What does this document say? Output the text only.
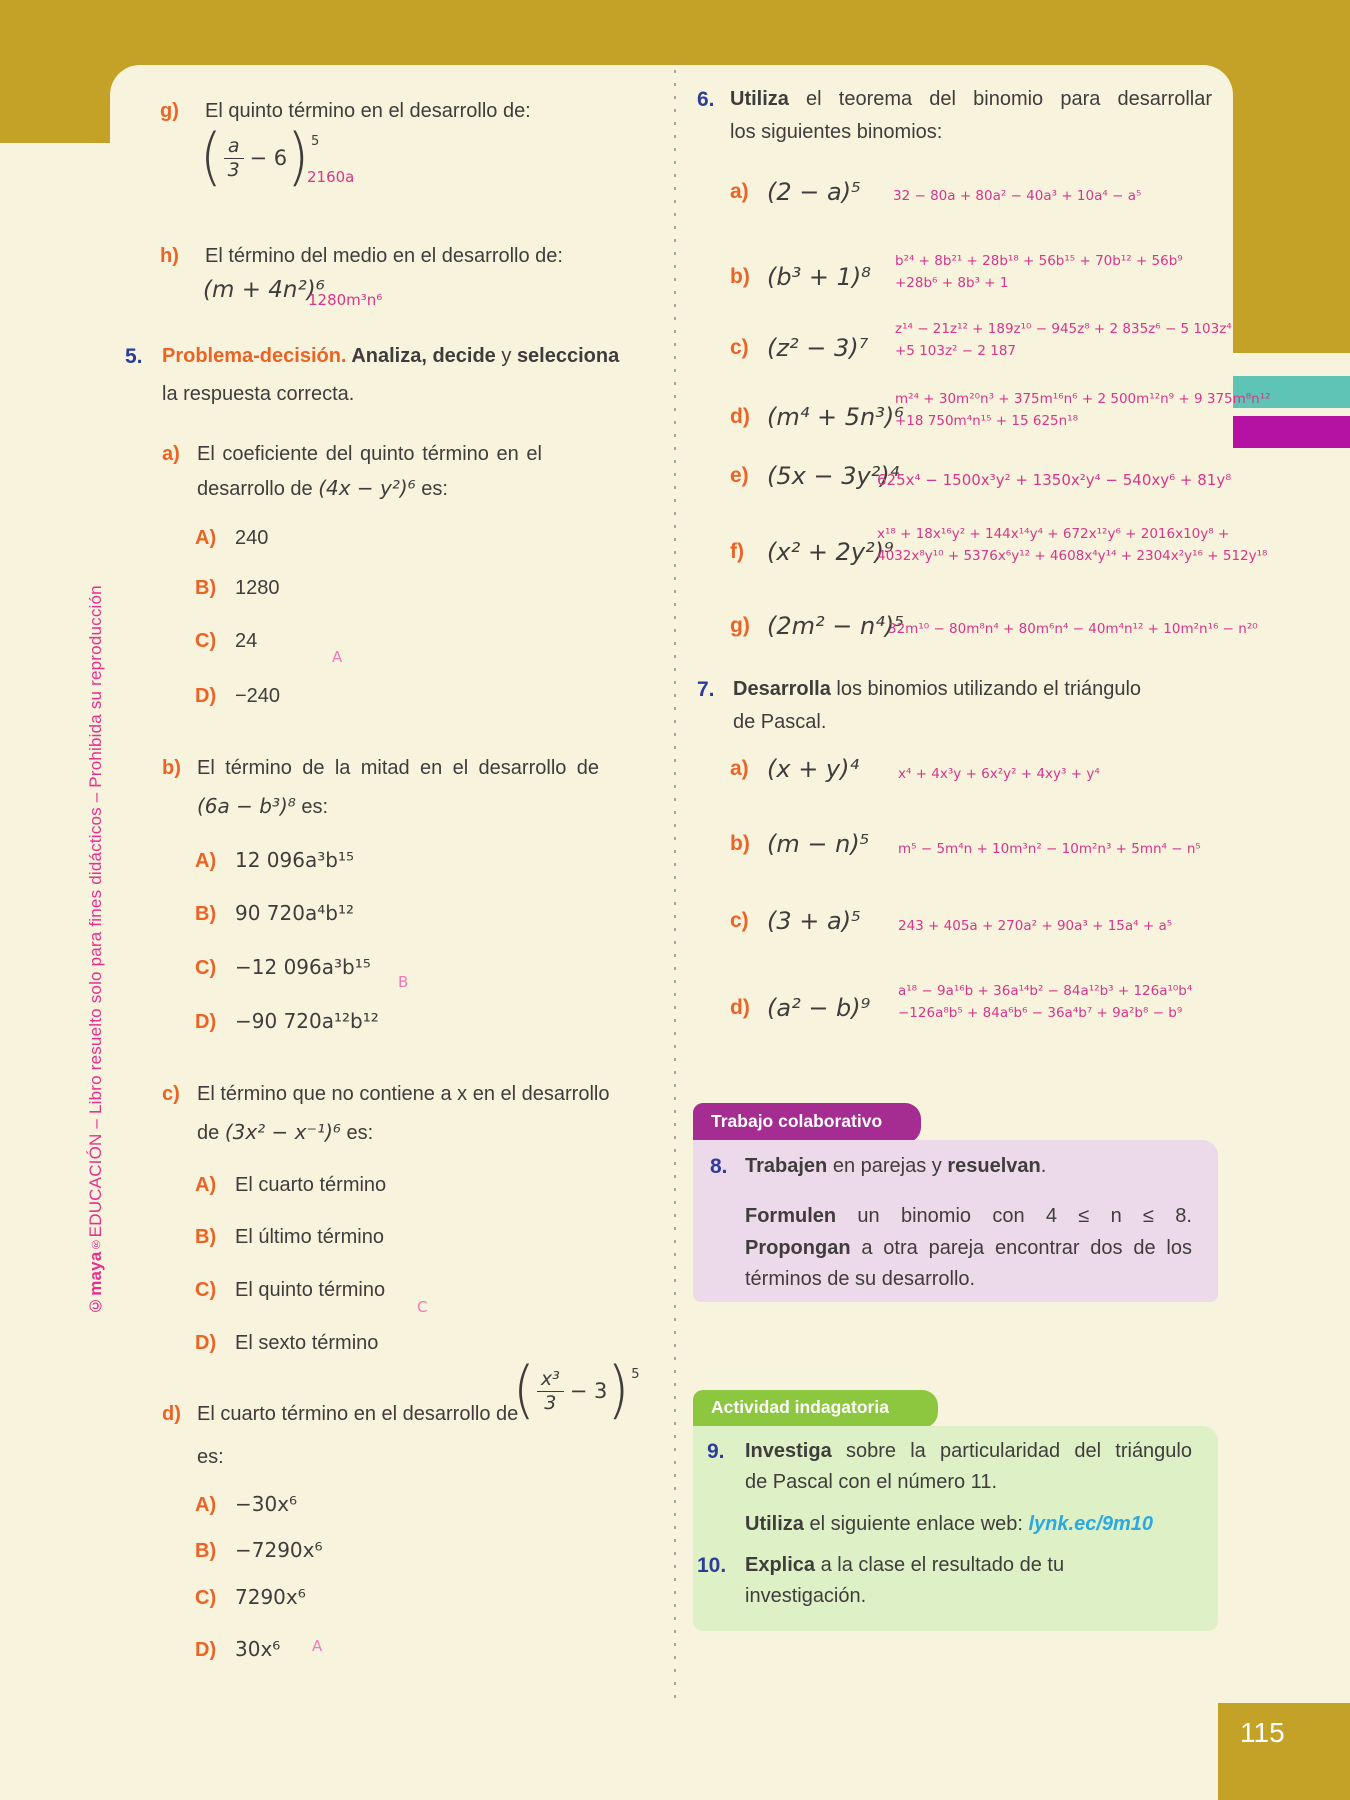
©maya®EDUCACIÓN – Libro resuelto solo para fines didácticos – Prohibida su reproducción
g) El quinto término en el desarrollo de:
( $\frac{a}{3} - 6$ ) 5
2160a
h) El término del medio en el desarrollo de:
(m + 4n²)⁶
1280m³n⁶
5. Problema-decisión. Analiza, decide y selecciona
la respuesta correcta.
a) El coeficiente del quinto término en el
desarrollo de (4x − y²)⁶ es:
A) 240
B) 1280
C) 24
A
D) −240
b) El término de la mitad en el desarrollo de
(6a − b³)⁸ es:
A) 12 096a³b¹⁵
B) 90 720a⁴b¹²
C) −12 096a³b¹⁵
B
D) −90 720a¹²b¹²
c) El término que no contiene a x en el desarrollo
de (3x² − x⁻¹)⁶ es:
A) El cuarto término
B) El último término
C) El quinto término
C
D) El sexto término
d) El cuarto término en el desarrollo de
( $\frac{\text{x³}}{3} - 3$ ) 5
es:
A) −30x⁶
B) −7290x⁶
C) 7290x⁶
D) 30x⁶ A
6. Utiliza el teorema del binomio para desarrollar
los siguientes binomios:
a) (2 − a)⁵ 32 − 80a + 80a² − 40a³ + 10a⁴ − a⁵
b) (b³ + 1)⁸
b²⁴ + 8b²¹ + 28b¹⁸ + 56b¹⁵ + 70b¹² + 56b⁹
+28b⁶ + 8b³ + 1
c) (z² − 3)⁷
z¹⁴ − 21z¹² + 189z¹⁰ − 945z⁸ + 2 835z⁶ − 5 103z⁴
+5 103z² − 2 187
d) (m⁴ + 5n³)⁶
m²⁴ + 30m²⁰n³ + 375m¹⁶n⁶ + 2 500m¹²n⁹ + 9 375m⁸n¹²
+18 750m⁴n¹⁵ + 15 625n¹⁸
e) (5x − 3y²)⁴
625x⁴ − 1500x³y² + 1350x²y⁴ − 540xy⁶ + 81y⁸
f) (x² + 2y²)⁹
x¹⁸ + 18x¹⁶y² + 144x¹⁴y⁴ + 672x¹²y⁶ + 2016x10y⁸ +
4032x⁸y¹⁰ + 5376x⁶y¹² + 4608x⁴y¹⁴ + 2304x²y¹⁶ + 512y¹⁸
g) (2m² − n⁴)⁵
32m¹⁰ − 80m⁸n⁴ + 80m⁶n⁴ − 40m⁴n¹² + 10m²n¹⁶ − n²⁰
7. Desarrolla los binomios utilizando el triángulo
de Pascal.
a) (x + y)⁴	x⁴ + 4x³y + 6x²y² + 4xy³ + y⁴
b) (m − n)⁵ m⁵ − 5m⁴n + 10m³n² − 10m²n³ + 5mn⁴ − n⁵
c) (3 + a)⁵	243 + 405a + 270a² + 90a³ + 15a⁴ + a⁵
d) (a² − b)⁹
a¹⁸ − 9a¹⁶b + 36a¹⁴b² − 84a¹²b³ + 126a¹⁰b⁴
−126a⁸b⁵ + 84a⁶b⁶ − 36a⁴b⁷ + 9a²b⁸ − b⁹
Trabajo colaborativo
8. Trabajen en parejas y resuelvan.
Formulen un binomio con 4 ≤ n ≤ 8.
Propongan a otra pareja encontrar dos de los
términos de su desarrollo.
Actividad indagatoria
9. Investiga sobre la particularidad del triángulo
de Pascal con el número 11.
Utiliza el siguiente enlace web: lynk.ec/9m10
10. Explica a la clase el resultado de tu
investigación.
115
